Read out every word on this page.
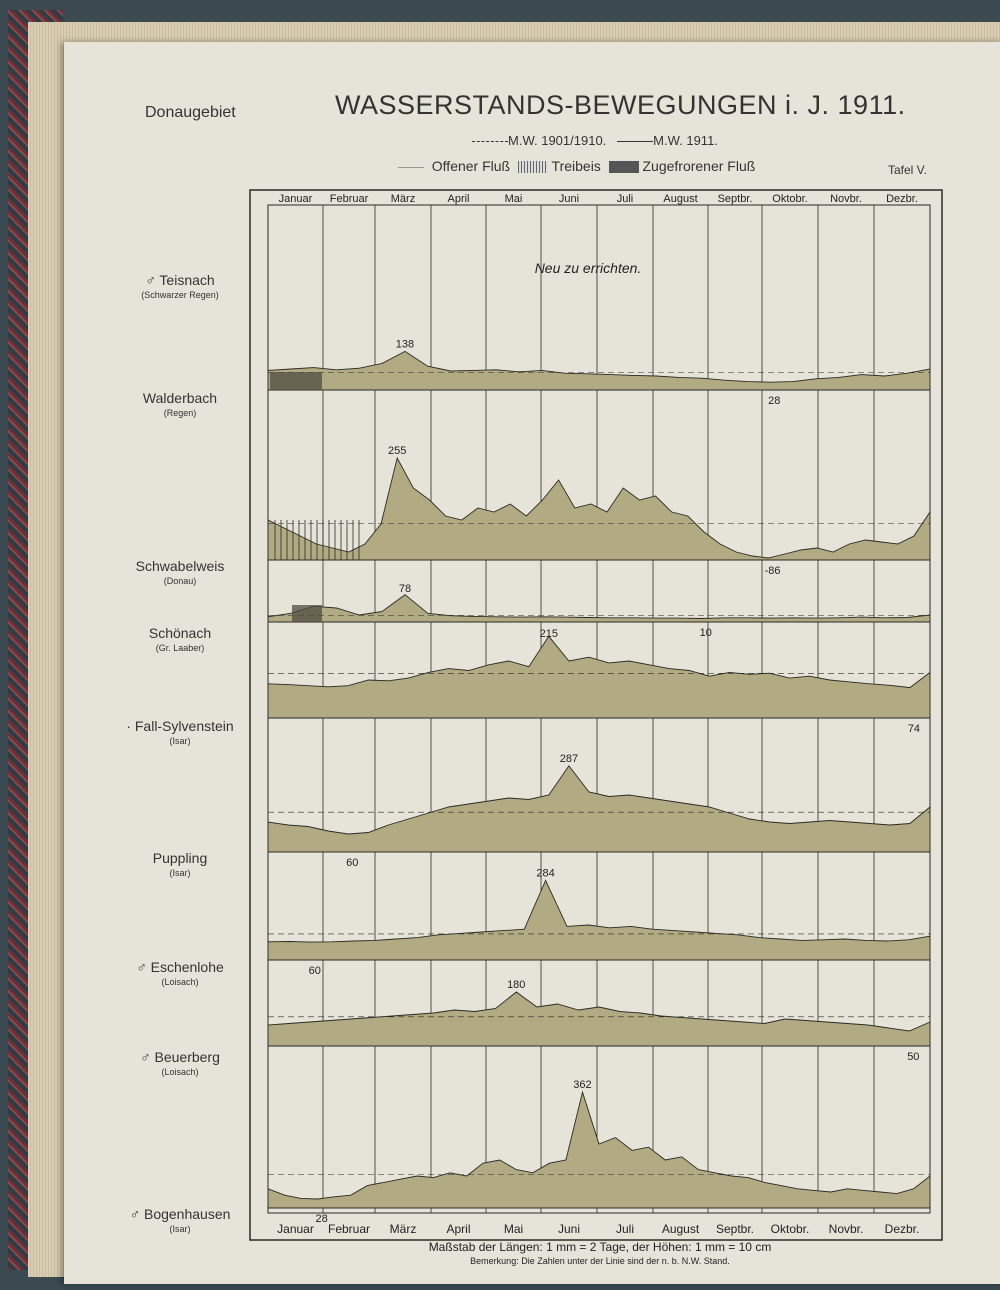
Donaugebiet	WASSERSTANDS-BEWEGUNGEN i. J. 1911.
M.W. 1901/1910.	M.W. 1911.
Offener Fluß	Treibeis	Zugefrorener Fluß	Tafel V.
♂ Teisnach
(Schwarzer Regen)
Walderbach
(Regen)
Schwabelweis
(Donau)
Schönach
(Gr. Laaber)
· Fall-Sylvenstein
(Isar)
Puppling
(Isar)
♂ Eschenlohe
(Loisach)
♂ Beuerberg
(Loisach)
♂ Bogenhausen
(Isar)
Januar Februar März	April	Mai	Juni	Juli	August Septbr. Oktobr. Novbr. Dezbr.
Januar Februar März	April	Mai	Juni	Juli August Septbr. Oktobr. Novbr. Dezbr.
Neu zu errichten.
138
28
255
-86
78
10
215
74
287
60
284
60
180
50
362
28
Maßstab der Längen: 1 mm = 2 Tage, der Höhen: 1 mm = 10 cm
Bemerkung: Die Zahlen unter der Linie sind der n. b. N.W. Stand.
